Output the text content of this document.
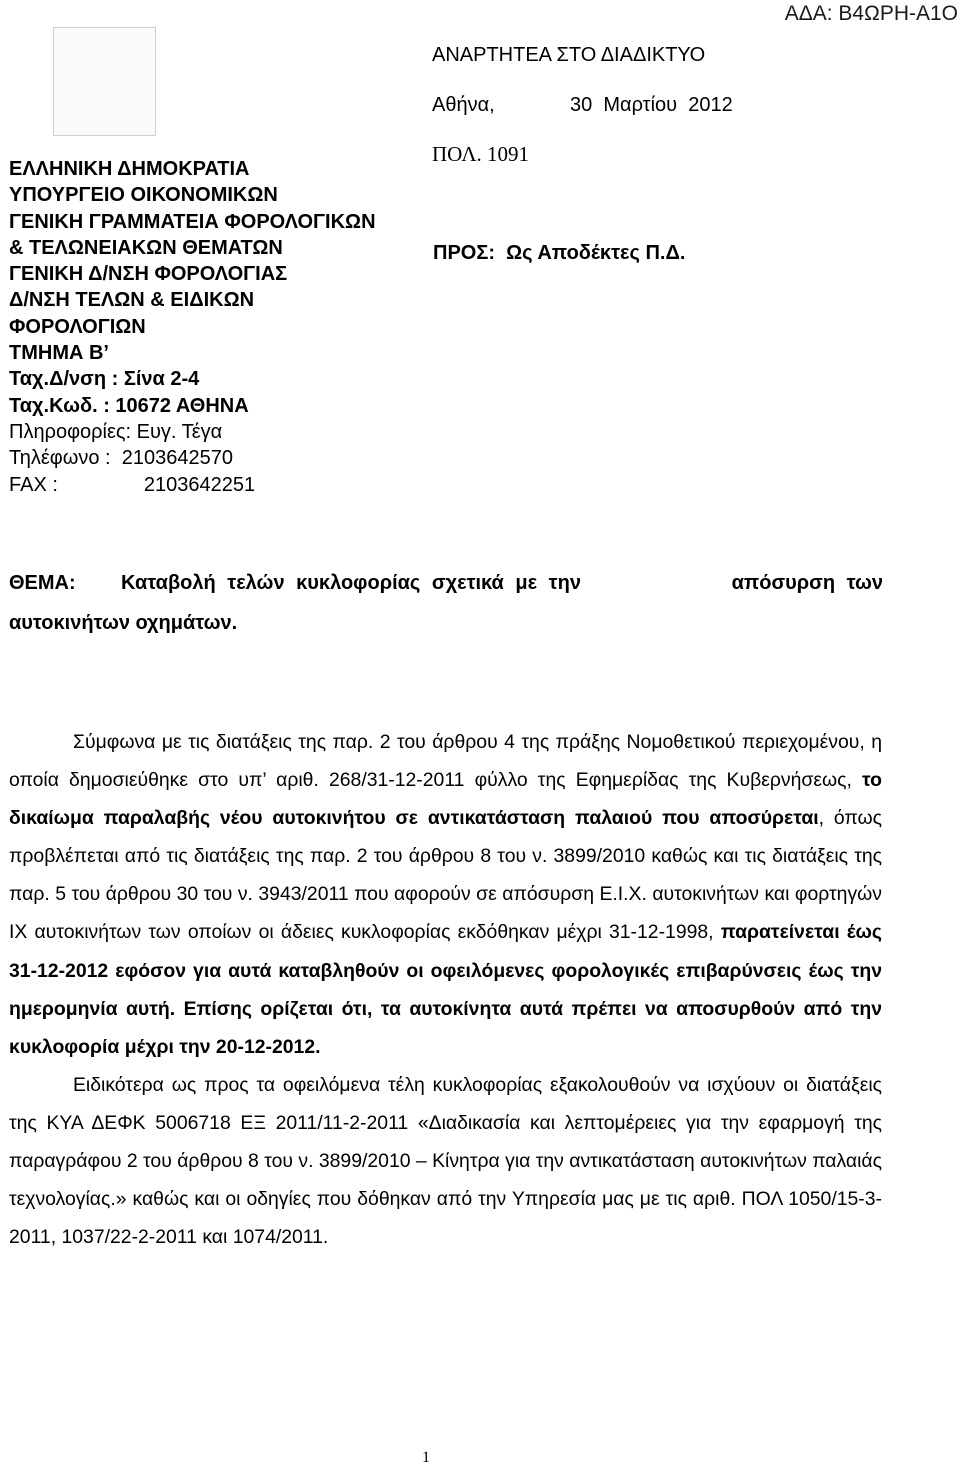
ΑΔΑ: Β4ΩΡΗ-Α1Ο
ΑΝΑΡΤΗΤΕΑ ΣΤΟ ΔΙΑΔΙΚΤΥΟ
Αθήνα,	30  Μαρτίου  2012
ΠΟΛ. 1091
ΠΡΟΣ:  Ως Αποδέκτες Π.Δ.
ΕΛΛΗΝΙΚΗ ΔΗΜΟΚΡΑΤΙΑ
ΥΠΟΥΡΓΕΙΟ ΟΙΚΟΝΟΜΙΚΩΝ
ΓΕΝΙΚΗ ΓΡΑΜΜΑΤΕΙΑ ΦΟΡΟΛΟΓΙΚΩΝ
& ΤΕΛΩΝΕΙΑΚΩΝ ΘΕΜΑΤΩΝ
ΓΕΝΙΚΗ Δ/ΝΣΗ ΦΟΡΟΛΟΓΙΑΣ
Δ/ΝΣΗ ΤΕΛΩΝ & ΕΙΔΙΚΩΝ
ΦΟΡΟΛΟΓΙΩΝ
ΤΜΗΜΑ Β’
Ταχ.Δ/νση : Σίνα 2-4
Ταχ.Κωδ. : 10672 ΑΘΗΝΑ
Πληροφορίες: Ευγ. Τέγα
Τηλέφωνο :  2103642570
FAX :	2103642251
ΘΕΜΑ: Καταβολή τελών κυκλοφορίας σχετικά με την	απόσυρση των
αυτοκινήτων οχημάτων.

Σύμφωνα με τις διατάξεις της παρ. 2 του άρθρου 4 της πράξης Νομοθετικού περιεχομένου, η οποία δημοσιεύθηκε στο υπ’ αριθ. 268/31-12-2011 φύλλο της Εφημερίδας της Κυβερνήσεως, το δικαίωμα παραλαβής νέου αυτοκινήτου σε αντικατάσταση παλαιού που αποσύρεται, όπως προβλέπεται από τις διατάξεις της παρ. 2 του άρθρου 8 του ν. 3899/2010 καθώς και τις διατάξεις της παρ. 5 του άρθρου 30 του ν. 3943/2011 που αφορούν σε απόσυρση Ε.Ι.Χ. αυτοκινήτων και φορτηγών ΙΧ αυτοκινήτων των οποίων οι άδειες κυκλοφορίας εκδόθηκαν μέχρι 31-12-1998, παρατείνεται έως 31-12-2012 εφόσον για αυτά καταβληθούν οι οφειλόμενες φορολογικές επιβαρύνσεις έως την ημερομηνία αυτή. Επίσης ορίζεται ότι, τα αυτοκίνητα αυτά πρέπει να αποσυρθούν από την κυκλοφορία μέχρι την 20-12-2012.

Ειδικότερα ως προς τα οφειλόμενα τέλη κυκλοφορίας εξακολουθούν να ισχύουν οι διατάξεις της ΚΥΑ ΔΕΦΚ 5006718 ΕΞ 2011/11-2-2011 «Διαδικασία και λεπτομέρειες για την εφαρμογή της παραγράφου 2 του άρθρου 8 του ν. 3899/2010 – Κίνητρα για την αντικατάσταση αυτοκινήτων παλαιάς τεχνολογίας.» καθώς και οι οδηγίες που δόθηκαν από την Υπηρεσία μας με τις αριθ. ΠΟΛ 1050/15-3-2011, 1037/22-2-2011 και 1074/2011.

1
